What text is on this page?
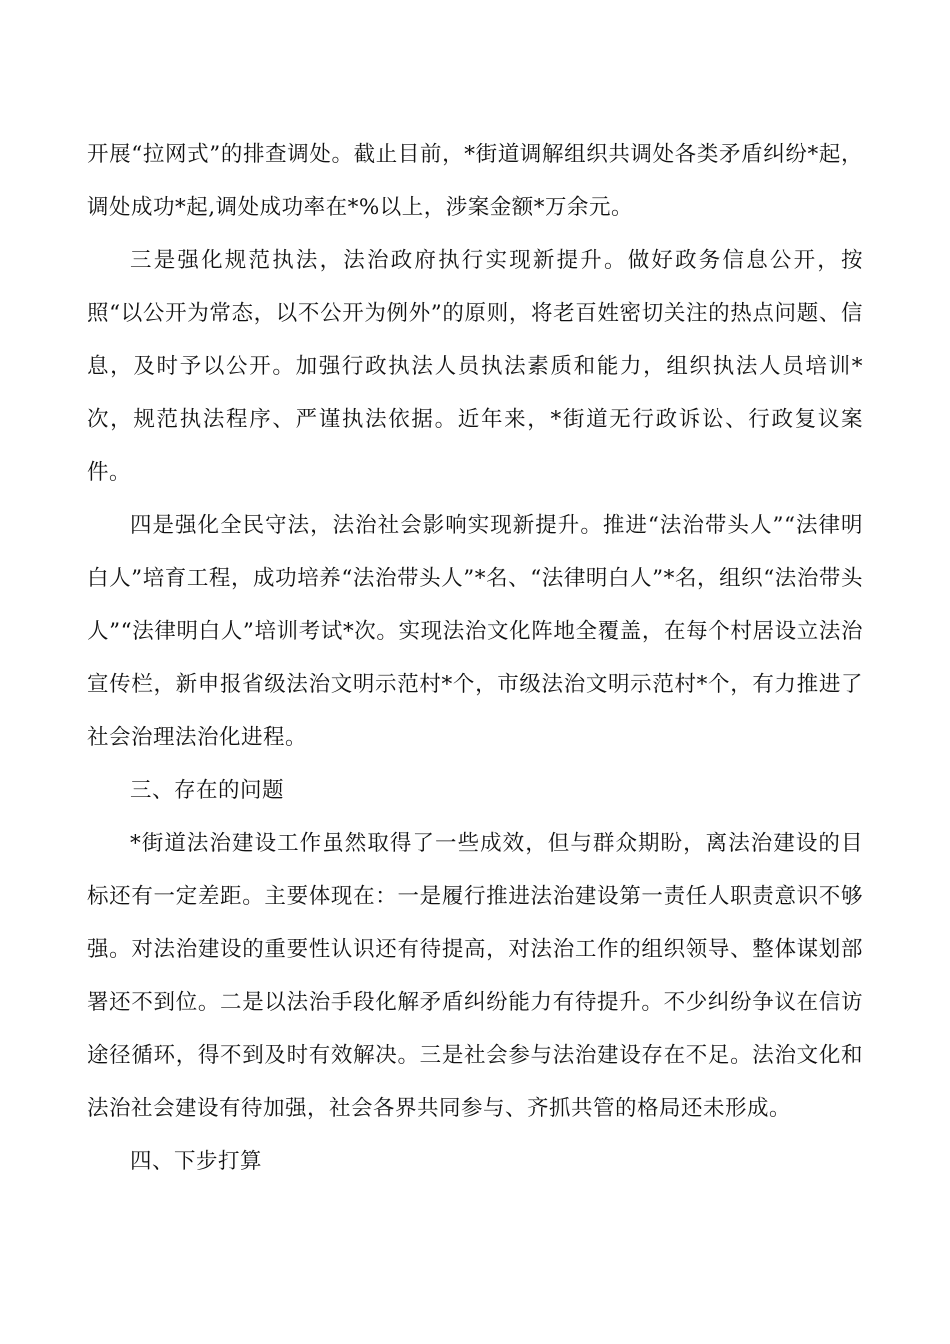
开展“拉网式”的排查调处。截止目前，*街道调解组织共调处各类矛盾纠纷*起，调处成功*起,调处成功率在*%以上，涉案金额*万余元。

三是强化规范执法，法治政府执行实现新提升。做好政务信息公开，按照“以公开为常态，以不公开为例外”的原则，将老百姓密切关注的热点问题、信息，及时予以公开。加强行政执法人员执法素质和能力，组织执法人员培训*次，规范执法程序、严谨执法依据。近年来，*街道无行政诉讼、行政复议案件。

四是强化全民守法，法治社会影响实现新提升。推进“法治带头人”“法律明白人”培育工程，成功培养“法治带头人”*名、“法律明白人”*名，组织“法治带头人”“法律明白人”培训考试*次。实现法治文化阵地全覆盖，在每个村居设立法治宣传栏，新申报省级法治文明示范村*个，市级法治文明示范村*个，有力推进了社会治理法治化进程。

三、存在的问题

*街道法治建设工作虽然取得了一些成效，但与群众期盼，离法治建设的目标还有一定差距。主要体现在：一是履行推进法治建设第一责任人职责意识不够强。对法治建设的重要性认识还有待提高，对法治工作的组织领导、整体谋划部署还不到位。二是以法治手段化解矛盾纠纷能力有待提升。不少纠纷争议在信访途径循环，得不到及时有效解决。三是社会参与法治建设存在不足。法治文化和法治社会建设有待加强，社会各界共同参与、齐抓共管的格局还未形成。

四、下步打算
